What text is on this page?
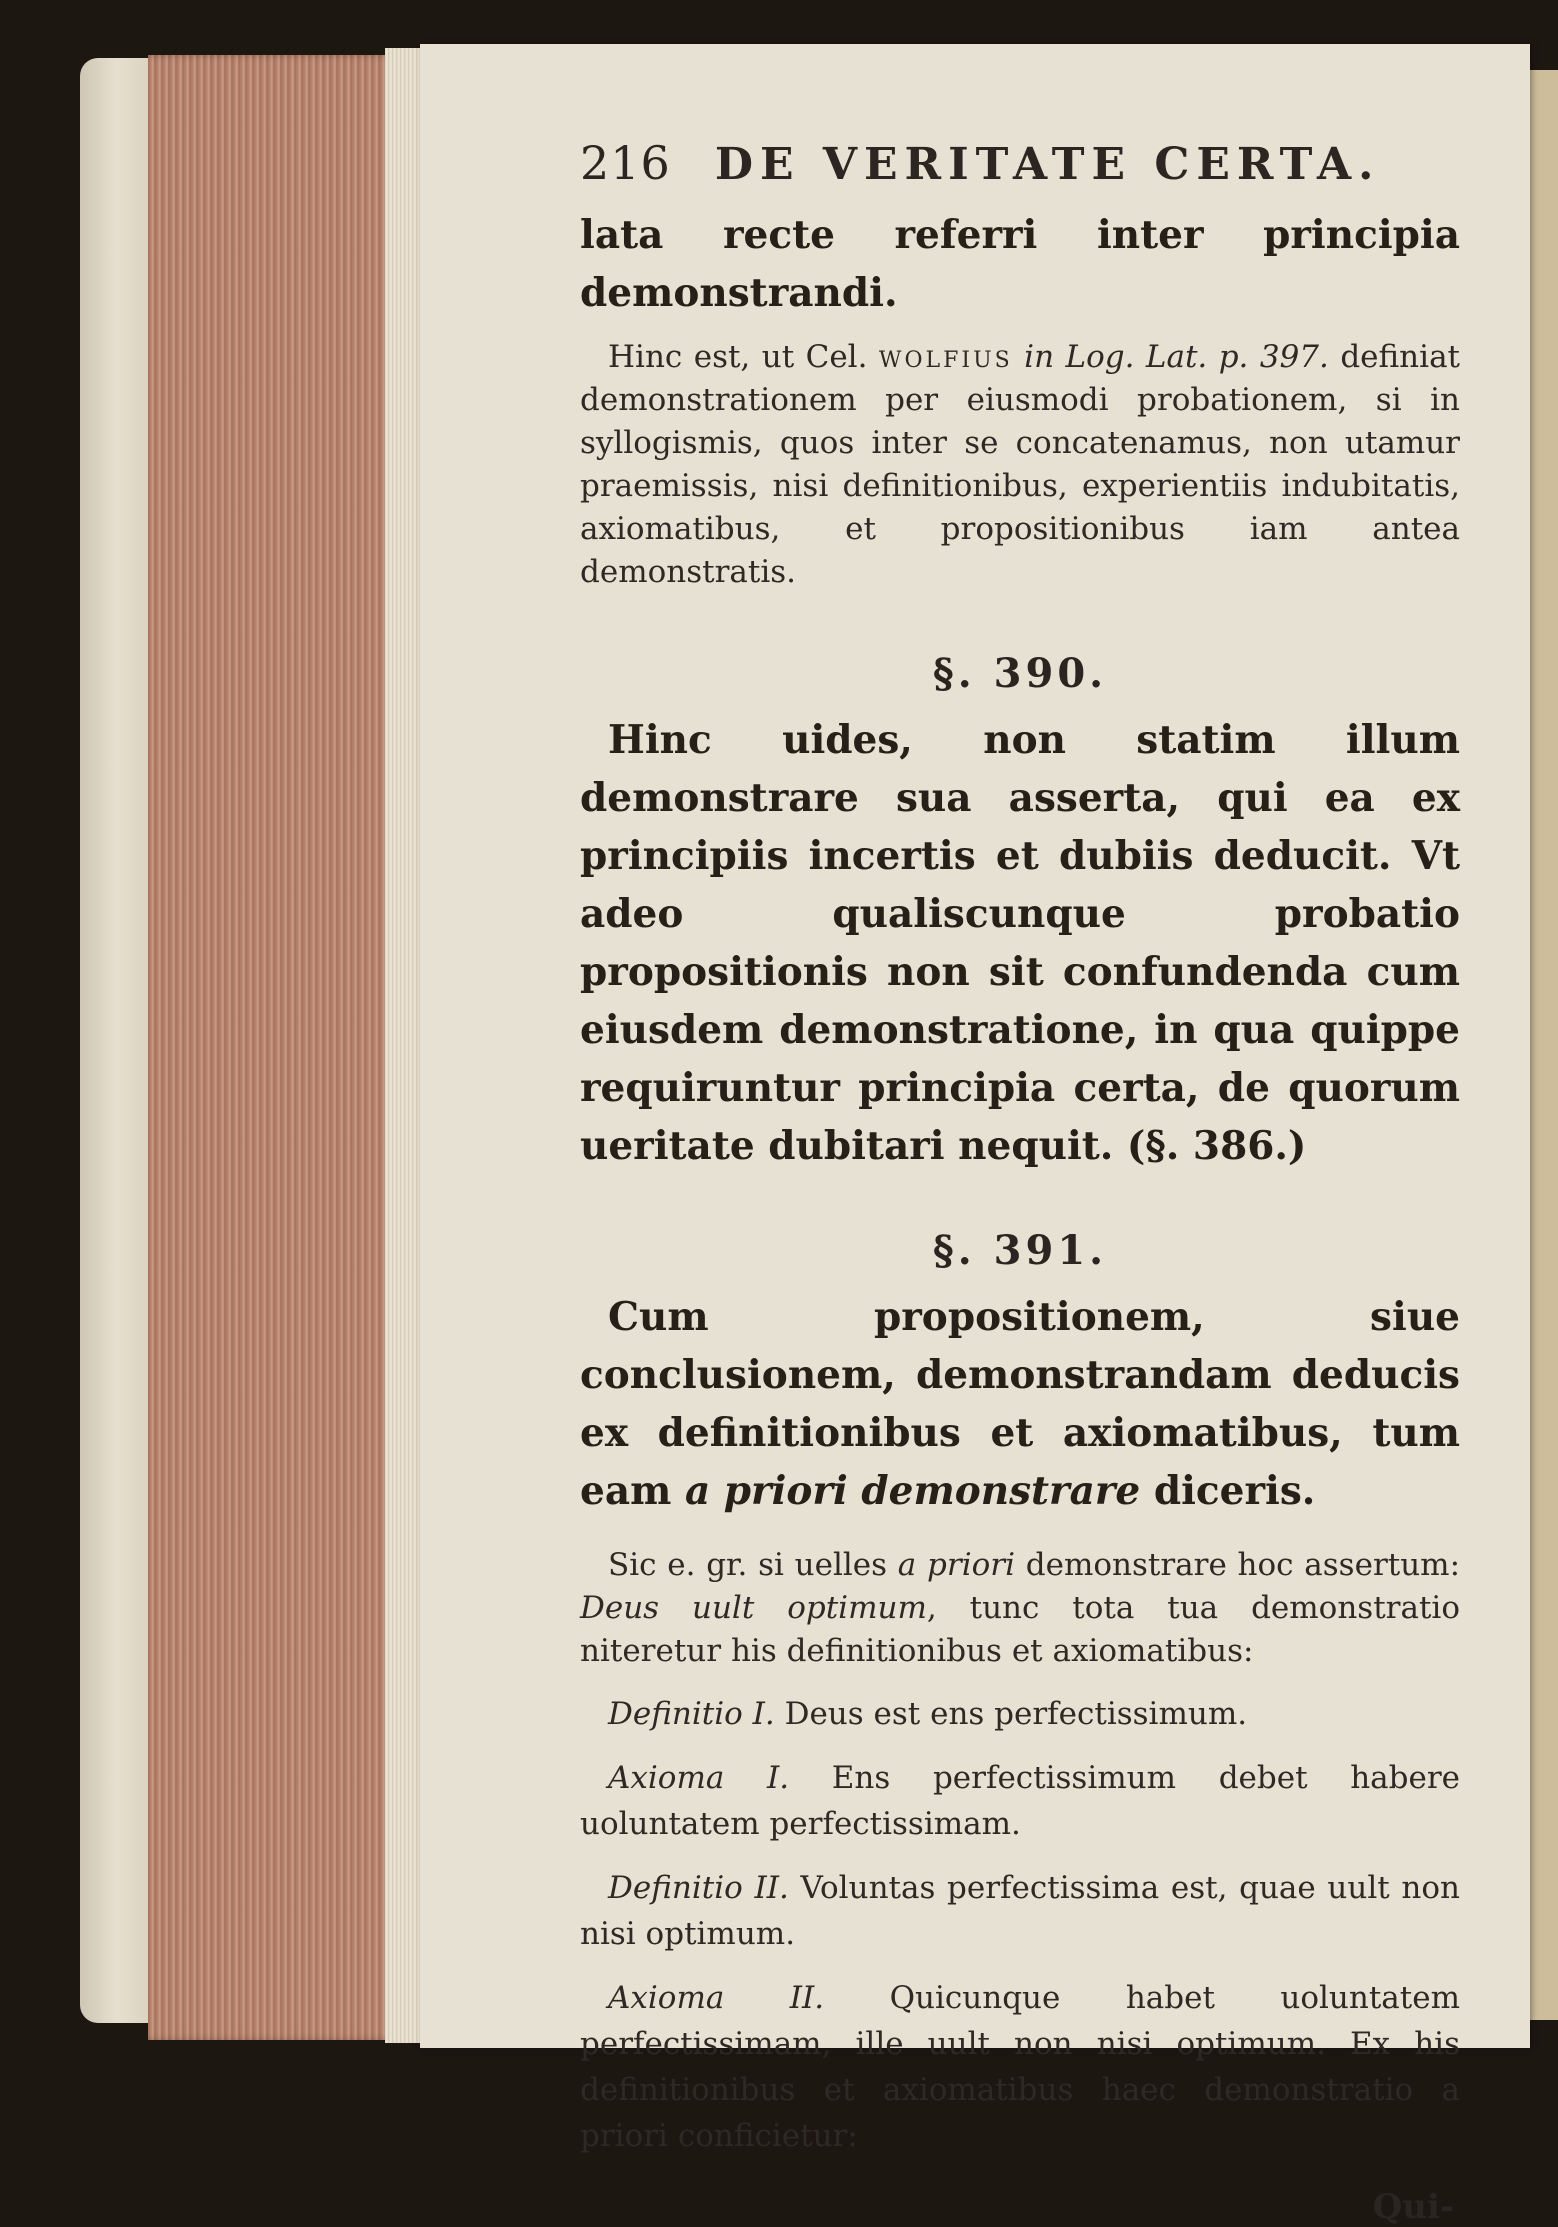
216 DE VERITATE CERTA.

lata recte referri inter principia demonstrandi.

Hinc est, ut Cel. wolfius in Log. Lat. p. 397. definiat demonstrationem per eiusmodi probationem, si in syllogismis, quos inter se concatenamus, non utamur praemissis, nisi definitionibus, experientiis indubitatis, axiomatibus, et propositionibus iam antea demonstratis.

§. 390.

Hinc uides, non statim illum demonstrare sua asserta, qui ea ex principiis incertis et dubiis deducit. Vt adeo qualiscunque probatio propositionis non sit confundenda cum eiusdem demonstratione, in qua quippe requiruntur principia certa, de quorum ueritate dubitari nequit. (§. 386.)

§. 391.

Cum propositionem, siue conclusionem, demonstrandam deducis ex definitionibus et axiomatibus, tum eam a priori demonstrare diceris.

Sic e. gr. si uelles a priori demonstrare hoc assertum: Deus uult optimum, tunc tota tua demonstratio niteretur his definitionibus et axiomatibus:

Definitio I. Deus est ens perfectissimum.

Axioma I. Ens perfectissimum debet habere uoluntatem perfectissimam.

Definitio II. Voluntas perfectissima est, quae uult non nisi optimum.

Axioma II. Quicunque habet uoluntatem perfectissimam, ille uult non nisi optimum. Ex his definitionibus et axiomatibus haec demonstratio a priori conficietur:

Qui-
